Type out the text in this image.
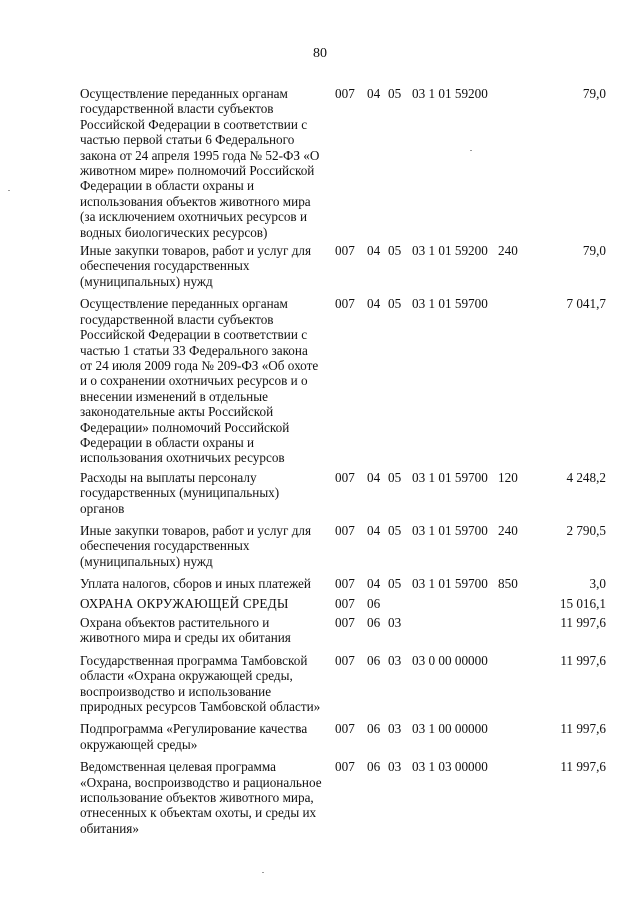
80
Осуществление переданных органам государственной власти субъектов Российской Федерации в соответствии с частью первой статьи 6 Федерального закона от 24 апреля 1995 года № 52-ФЗ «О животном мире» полномочий Российской Федерации в области охраны и использования объектов животного мира (за исключением охотничьих ресурсов и водных биологических ресурсов)
007 04 05 03 1 01 59200	79,0
Иные закупки товаров, работ и услуг для обеспечения государственных (муниципальных) нужд
007 04 05 03 1 01 59200 240	79,0
Осуществление переданных органам государственной власти субъектов Российской Федерации в соответствии с частью 1 статьи 33 Федерального закона от 24 июля 2009 года № 209-ФЗ «Об охоте и о сохранении охотничьих ресурсов и о внесении изменений в отдельные законодательные акты Российской Федерации» полномочий Российской Федерации в области охраны и использования охотничьих ресурсов
007 04 05 03 1 01 59700	7 041,7
Расходы на выплаты персоналу государственных (муниципальных) органов
007 04 05 03 1 01 59700 120	4 248,2
Иные закупки товаров, работ и услуг для обеспечения государственных (муниципальных) нужд
007 04 05 03 1 01 59700 240	2 790,5
Уплата налогов, сборов и иных платежей	007 04 05 03 1 01 59700 850	3,0
ОХРАНА ОКРУЖАЮЩЕЙ СРЕДЫ	007 06	15 016,1
Охрана объектов растительного и животного мира и среды их обитания
007 06 03	11 997,6
Государственная программа Тамбовской области «Охрана окружающей среды, воспроизводство и использование природных ресурсов Тамбовской области»
007 06 03 03 0 00 00000	11 997,6
Подпрограмма «Регулирование качества окружающей среды»
007 06 03 03 1 00 00000	11 997,6
Ведомственная целевая программа «Охрана, воспроизводство и рациональное использование объектов животного мира, отнесенных к объектам охоты, и среды их обитания»
007 06 03 03 1 03 00000	11 997,6
